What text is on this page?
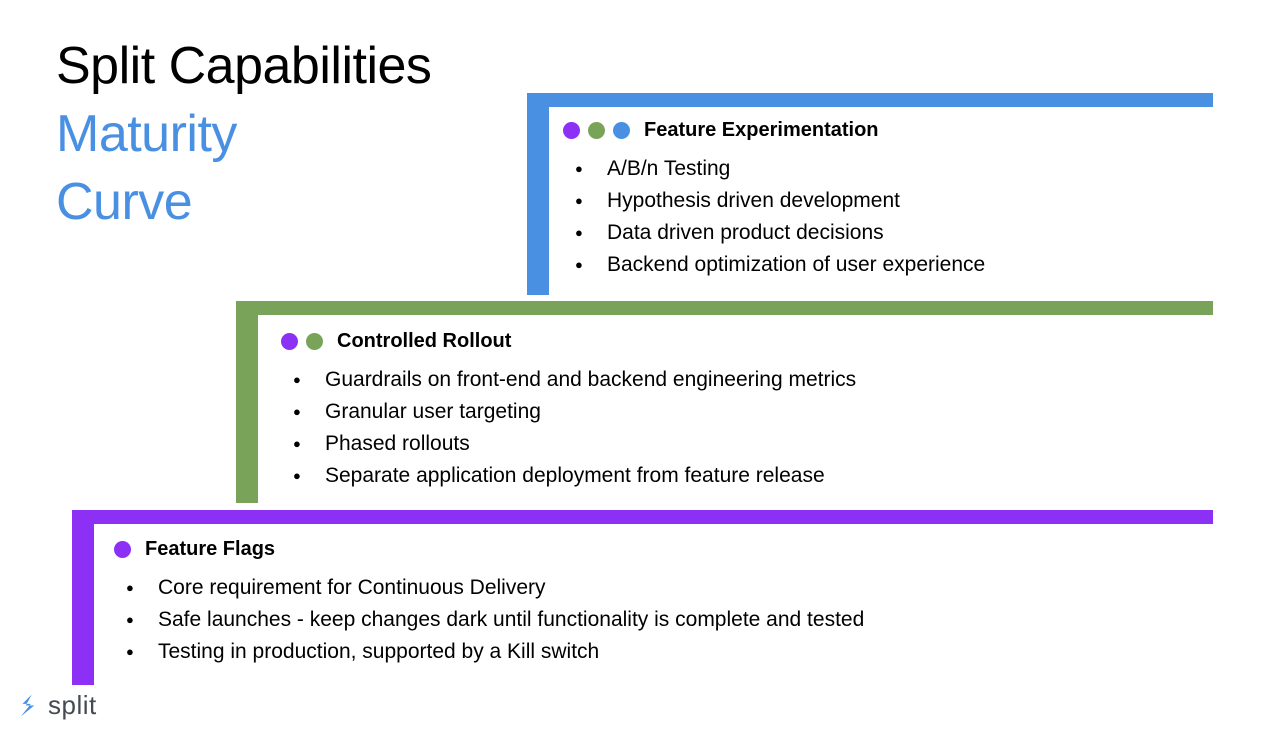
Split Capabilities
Maturity
Curve
Feature Experimentation
● A/B/n Testing
● Hypothesis driven development
● Data driven product decisions
● Backend optimization of user experience
Controlled Rollout
● Guardrails on front-end and backend engineering metrics
● Granular user targeting
● Phased rollouts
● Separate application deployment from feature release
Feature Flags
● Core requirement for Continuous Delivery
● Safe launches - keep changes dark until functionality is complete and tested
● Testing in production, supported by a Kill switch
split
